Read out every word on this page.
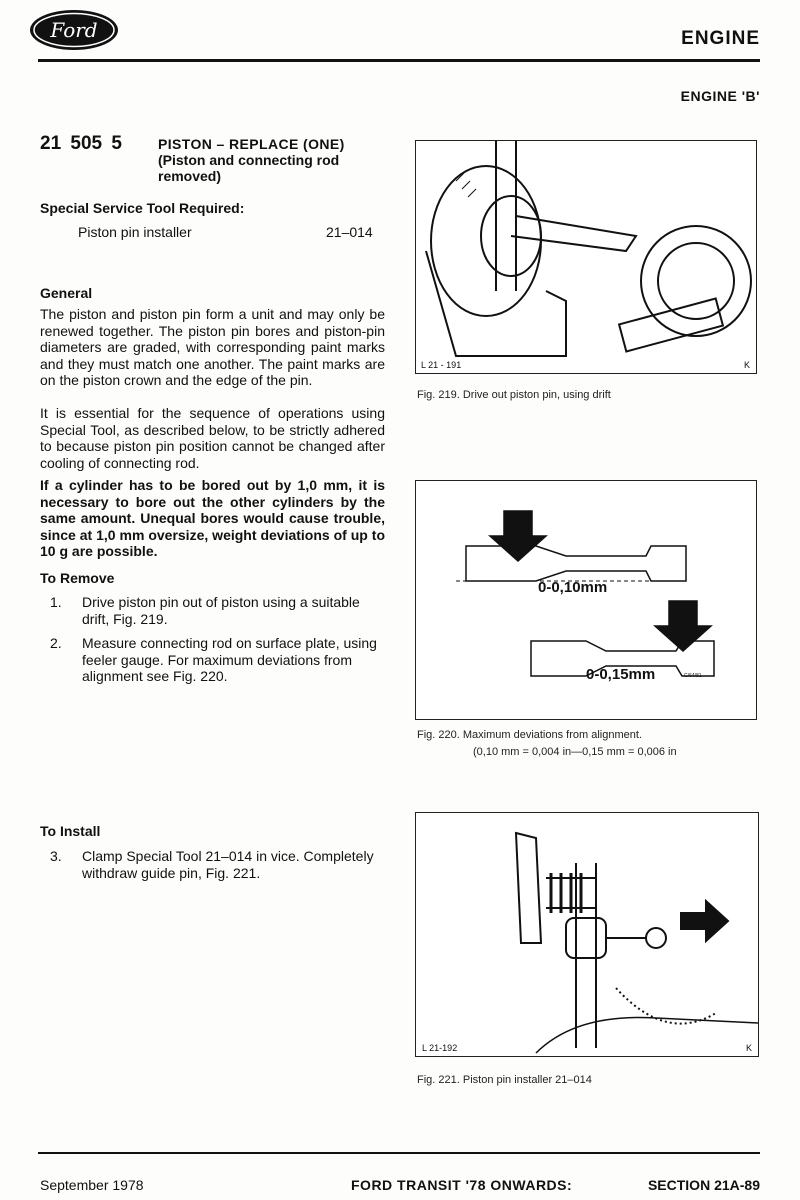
Ford	ENGINE
ENGINE 'B'
21 505 5	PISTON – REPLACE (ONE)
(Piston and connecting rod removed)
Special Service Tool Required:
Piston pin installer	21–014
General
The piston and piston pin form a unit and may only be renewed together. The piston pin bores and piston-pin diameters are graded, with corresponding paint marks and they must match one another. The paint marks are on the piston crown and the edge of the pin.
It is essential for the sequence of operations using Special Tool, as described below, to be strictly adhered to because piston pin position cannot be changed after cooling of connecting rod.
If a cylinder has to be bored out by 1,0 mm, it is necessary to bore out the other cylinders by the same amount. Unequal bores would cause trouble, since at 1,0 mm oversize, weight deviations of up to 10 g are possible.
To Remove
1. Drive piston pin out of piston using a suitable drift, Fig. 219.
2. Measure connecting rod on surface plate, using feeler gauge. For maximum deviations from alignment see Fig. 220.
To Install
3. Clamp Special Tool 21–014 in vice. Completely withdraw guide pin, Fig. 221.
L 21 - 191	K
Fig. 219. Drive out piston pin, using drift
0-0,10mm
0-0,15mm	C/64/81
Fig. 220. Maximum deviations from alignment.
(0,10 mm = 0,004 in—0,15 mm = 0,006 in
L 21-192	K
Fig. 221. Piston pin installer 21–014
September 1978	FORD TRANSIT '78 ONWARDS:	SECTION 21A-89
